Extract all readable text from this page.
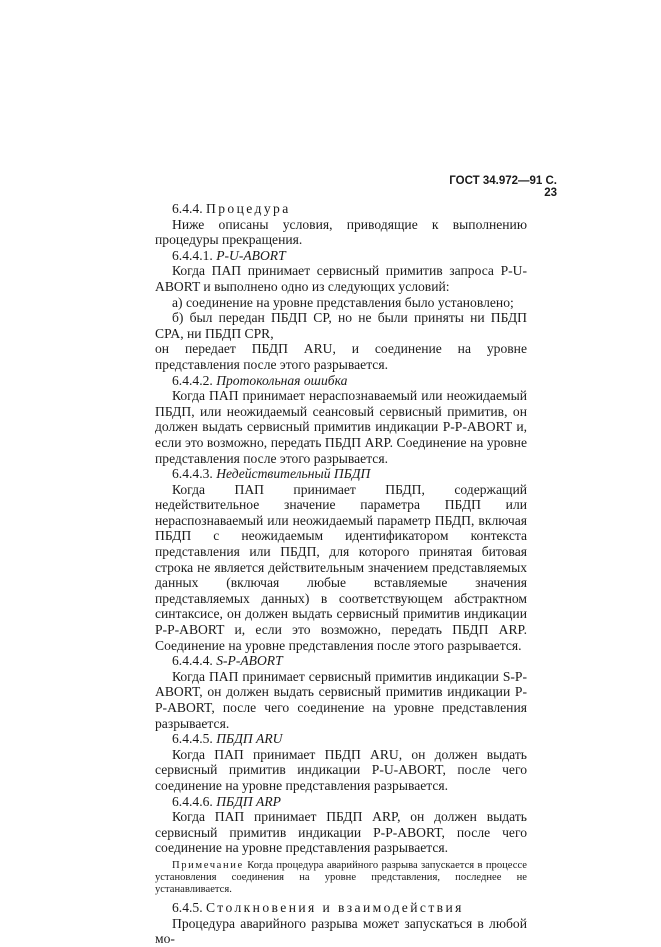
ГОСТ 34.972—91 С. 23

6.4.4. Процедура

Ниже описаны условия, приводящие к выполнению процедуры прекращения.

6.4.4.1. P-U-ABORT

Когда ПАП принимает сервисный примитив запроса P-U-ABORT и выполнено одно из следующих условий:

а) соединение на уровне представления было установлено;

б) был передан ПБДП CP, но не были приняты ни ПБДП CPA, ни ПБДП CPR,

он передает ПБДП ARU, и соединение на уровне представления после этого разрывается.

6.4.4.2. Протокольная ошибка

Когда ПАП принимает нераспознаваемый или неожидаемый ПБДП, или неожидаемый сеансовый сервисный примитив, он должен выдать сервисный примитив индикации P-P-ABORT и, если это возможно, передать ПБДП ARP. Соединение на уровне представления после этого разрывается.

6.4.4.3. Недействительный ПБДП

Когда ПАП принимает ПБДП, содержащий недействительное значение параметра ПБДП или нераспознаваемый или неожидаемый параметр ПБДП, включая ПБДП с неожидаемым идентификатором контекста представления или ПБДП, для которого принятая битовая строка не является действительным значением представляемых данных (включая любые вставляемые значения представляемых данных) в соответствующем абстрактном синтаксисе, он должен выдать сервисный примитив индикации P-P-ABORT и, если это возможно, передать ПБДП ARP. Соединение на уровне представления после этого разрывается.

6.4.4.4. S-P-ABORT

Когда ПАП принимает сервисный примитив индикации S-P-ABORT, он должен выдать сервисный примитив индикации P-P-ABORT, после чего соединение на уровне представления разрывается.

6.4.4.5. ПБДП ARU

Когда ПАП принимает ПБДП ARU, он должен выдать сервисный примитив индикации P-U-ABORT, после чего соединение на уровне представления разрывается.

6.4.4.6. ПБДП ARP

Когда ПАП принимает ПБДП ARP, он должен выдать сервисный примитив индикации P-P-ABORT, после чего соединение на уровне представления разрывается.

Примечание Когда процедура аварийного разрыва запускается в процессе установления соединения на уровне представления, последнее не устанавливается.

6.4.5. Столкновения и взаимодействия

Процедура аварийного разрыва может запускаться в любой мо-
